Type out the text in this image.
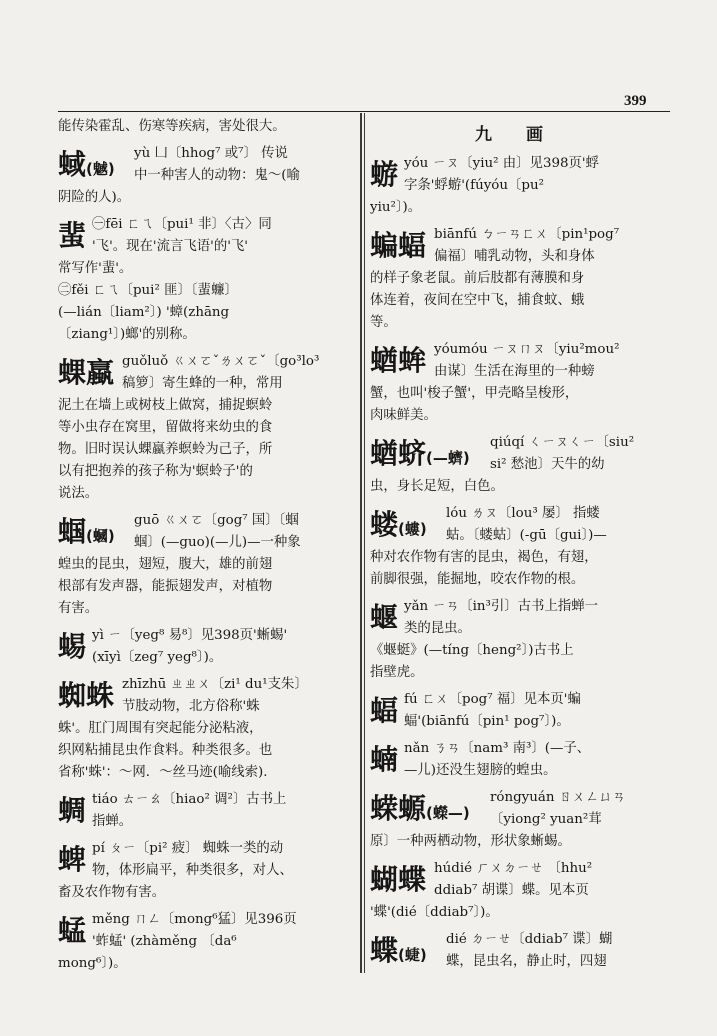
399
能传染霍乱、伤寒等疾病，害处很大。
蜮(魊)
yù 凵〔hhog⁷ 或⁷〕 传说
中一种害人的动物：鬼～(喻
阴险的人)。
蜚 ㊀fēi ㄈㄟ〔pui¹ 非〕〈古〉同
'飞'。现在'流言飞语'的'飞'
常写作'蜚'。
㊁fěi ㄈㄟ〔pui² 匪〕〔蜚蠊〕
(—lián〔liam²〕) '蟑(zhāng
〔ziang¹〕)螂'的别称。
蜾蠃 guǒluǒ ㄍㄨㄛˇㄌㄨㄛˇ〔go³lo³
稿箩〕寄生蜂的一种，常用
泥土在墙上或树枝上做窝，捕捉螟蛉
等小虫存在窝里，留做将来幼虫的食
物。旧时误认蜾蠃养螟蛉为己子，所
以有把抱养的孩子称为'螟蛉子'的
说法。
蝈(蟈)
guō ㄍㄨㄛ〔gog⁷ 国〕〔蝈
蝈〕(—guo)(—儿)—一种象
蝗虫的昆虫，翅短，腹大，雄的前翅
根部有发声器，能振翅发声，对植物
有害。
蜴 yì ㄧ〔yeg⁸ 易⁸〕见398页'蜥蜴'
(xīyì〔zeg⁷ yeg⁸〕)。
蜘蛛 zhīzhū ㄓㄓㄨ〔zi¹ du¹支朱〕
节肢动物，北方俗称'蛛
蛛'。肛门周围有突起能分泌粘液，
织网粘捕昆虫作食料。种类很多。也
省称'蛛'：～网．～丝马迹(喻线索).
蜩 tiáo ㄊㄧㄠ〔hiao² 调²〕古书上
指蝉。
蜱 pí ㄆㄧ〔pi² 疲〕 蜘蛛一类的动
物，体形扁平，种类很多，对人、
畜及农作物有害。
蜢 měng ㄇㄥ〔mong⁶猛〕见396页
'蚱蜢' (zhàměng 〔da⁶
mong⁶〕)。
九 画
蝣 yóu ㄧㄡ〔yiu² 由〕见398页'蜉
字条'蜉蝣'(fúyóu〔pu²
yiu²〕)。
蝙蝠 biānfú ㄅㄧㄢㄈㄨ〔pin¹pog⁷
偏福〕哺乳动物，头和身体
的样子象老鼠。前后肢都有薄膜和身
体连着，夜间在空中飞，捕食蚊、蛾
等。
蝤蛑 yóumóu ㄧㄡㄇㄡ〔yiu²mou²
由谋〕生活在海里的一种螃
蟹，也叫'梭子蟹'，甲壳略呈梭形，
肉味鲜美。
蝤蛴(—蠐)
qiúqí ㄑㄧㄡㄑㄧ〔siu²
si² 愁池〕天牛的幼
虫，身长足短，白色。
蝼(螻)
lóu ㄌㄡ〔lou³ 屡〕 指蝼
蛄。〔蝼蛄〕(-gū〔gui〕)—
种对农作物有害的昆虫，褐色，有翅，
前脚很强，能掘地，咬农作物的根。
蝘 yǎn ㄧㄢ〔in³引〕古书上指蝉一
类的昆虫。
《蝘蜓》(—tíng〔heng²〕)古书上
指壁虎。
蝠 fú ㄈㄨ〔pog⁷ 福〕见本页'蝙
蝠'(biānfú〔pin¹ pog⁷〕)。
蝻 nǎn ㄋㄢ〔nam³ 南³〕(—子、
—儿)还没生翅膀的蝗虫。
蝾螈(蠑—)
róngyuán ㄖㄨㄥㄩㄢ
〔yiong² yuan²茸
原〕一种两栖动物，形状象蜥蜴。
蝴蝶 húdié ㄏㄨㄉㄧㄝ 〔hhu²
ddiab⁷ 胡谍〕蝶。见本页
'蝶'(dié〔ddiab⁷〕)。
蝶(蜨)
dié ㄉㄧㄝ〔ddiab⁷ 谍〕蝴
蝶，昆虫名，静止时，四翅
